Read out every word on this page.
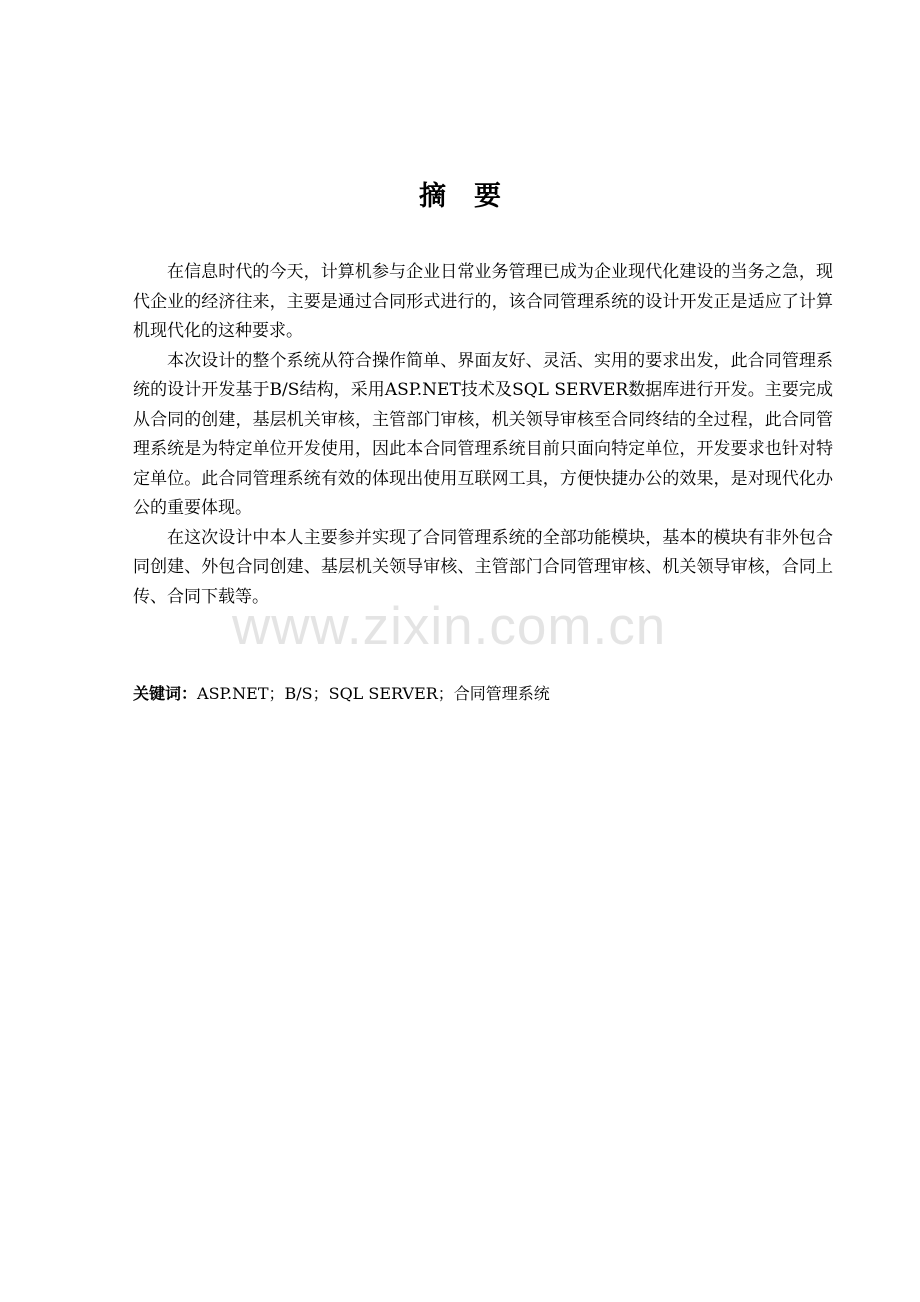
摘 要

在信息时代的今天，计算机参与企业日常业务管理已成为企业现代化建设的当务之急，现代企业的经济往来，主要是通过合同形式进行的，该合同管理系统的设计开发正是适应了计算机现代化的这种要求。

本次设计的整个系统从符合操作简单、界面友好、灵活、实用的要求出发，此合同管理系统的设计开发基于B/S结构，采用ASP.NET技术及SQL SERVER数据库进行开发。主要完成从合同的创建，基层机关审核，主管部门审核，机关领导审核至合同终结的全过程，此合同管理系统是为特定单位开发使用，因此本合同管理系统目前只面向特定单位，开发要求也针对特定单位。此合同管理系统有效的体现出使用互联网工具，方便快捷办公的效果，是对现代化办公的重要体现。

在这次设计中本人主要参并实现了合同管理系统的全部功能模块，基本的模块有非外包合同创建、外包合同创建、基层机关领导审核、主管部门合同管理审核、机关领导审核，合同上传、合同下载等。

www.zixin.com.cn
关键词：ASP.NET；B/S；SQL SERVER；合同管理系统
